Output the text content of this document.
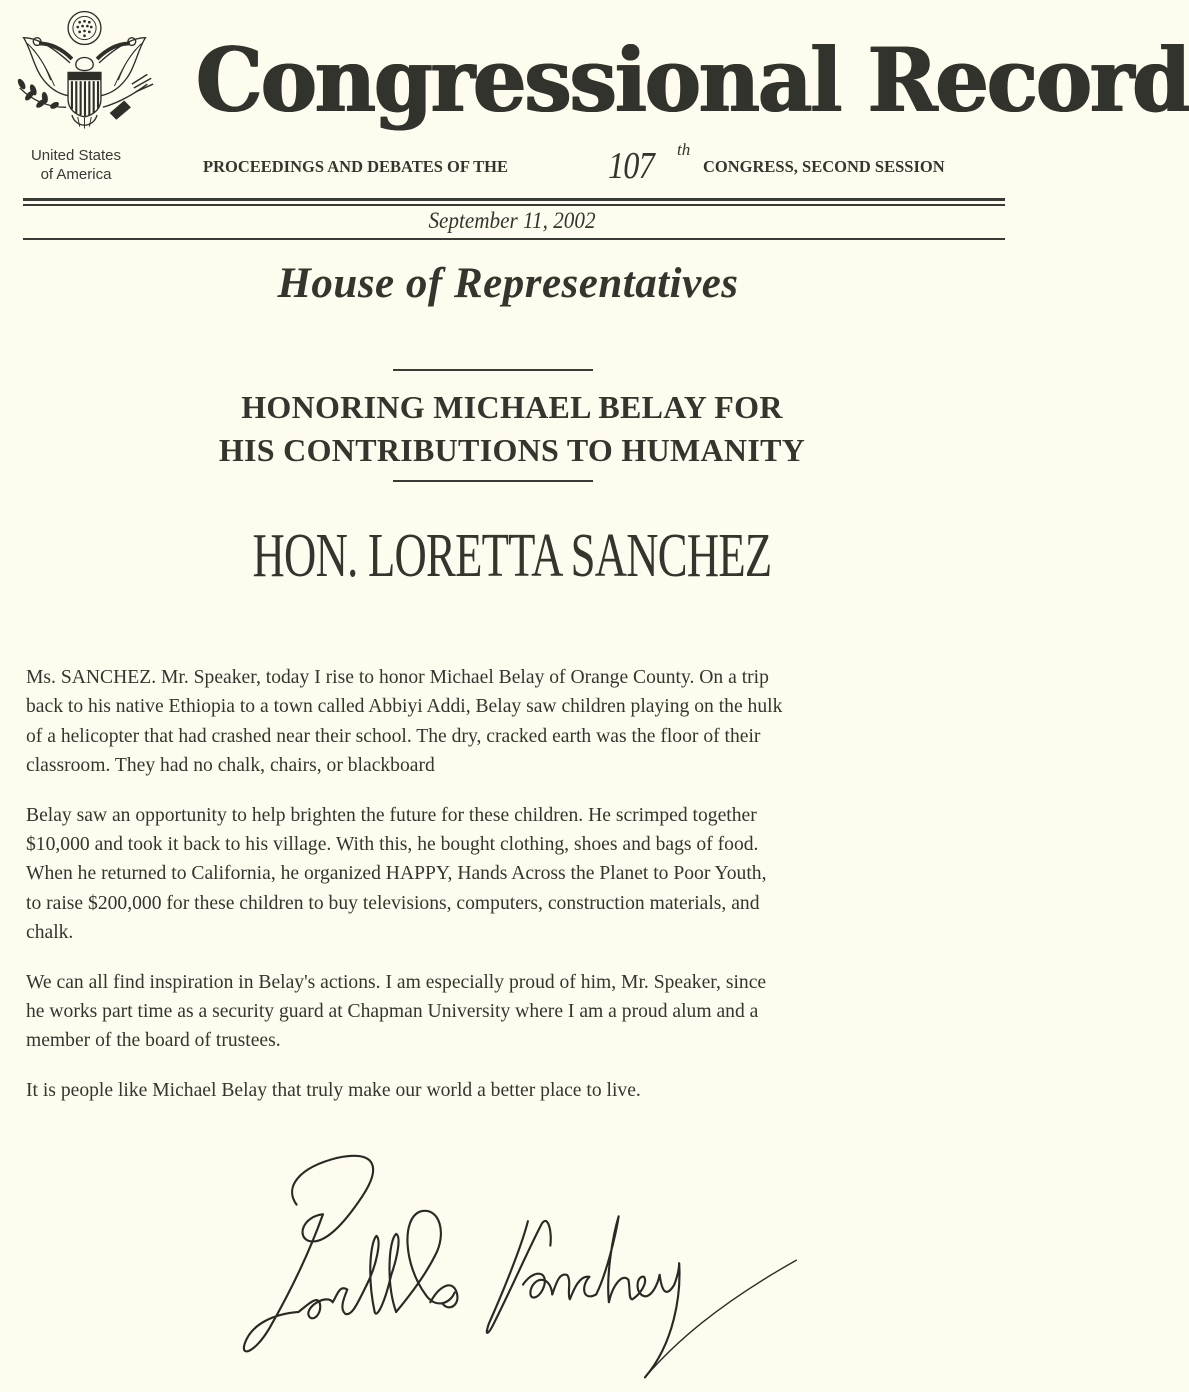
United States
of America
Congressional Record
PROCEEDINGS AND DEBATES OF THE	107 th
CONGRESS, SECOND SESSION
September 11, 2002
House of Representatives
HONORING MICHAEL BELAY FOR
HIS CONTRIBUTIONS TO HUMANITY
HON. LORETTA SANCHEZ

Ms. SANCHEZ. Mr. Speaker, today I rise to honor Michael Belay of Orange County. On a trip
back to his native Ethiopia to a town called Abbiyi Addi, Belay saw children playing on the hulk
of a helicopter that had crashed near their school. The dry, cracked earth was the floor of their
classroom. They had no chalk, chairs, or blackboard

Belay saw an opportunity to help brighten the future for these children. He scrimped together
$10,000 and took it back to his village. With this, he bought clothing, shoes and bags of food.
When he returned to California, he organized HAPPY, Hands Across the Planet to Poor Youth,
to raise $200,000 for these children to buy televisions, computers, construction materials, and
chalk.

We can all find inspiration in Belay's actions. I am especially proud of him, Mr. Speaker, since
he works part time as a security guard at Chapman University where I am a proud alum and a
member of the board of trustees.

It is people like Michael Belay that truly make our world a better place to live.
